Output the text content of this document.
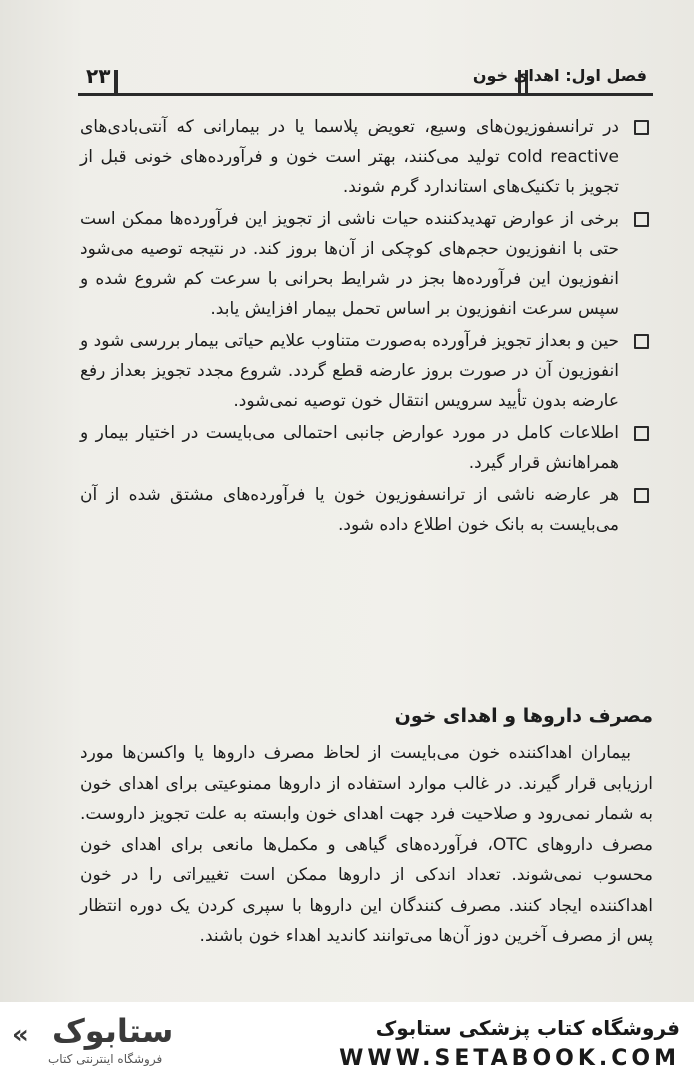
۲۳	فصل اول: اهدای خون
در ترانسفوزیون‌های وسیع، تعویض پلاسما یا در بیمارانی که آنتی‌بادی‌های cold reactive تولید می‌کنند، بهتر است خون و فرآورده‌های خونی قبل از تجویز با تکنیک‌های استاندارد گرم شوند.
برخی از عوارض تهدیدکننده حیات ناشی از تجویز این فرآورده‌ها ممکن است حتی با انفوزیون حجم‌های کوچکی از آن‌ها بروز کند. در نتیجه توصیه می‌شود انفوزیون این فرآورده‌ها بجز در شرایط بحرانی با سرعت کم شروع شده و سپس سرعت انفوزیون بر اساس تحمل بیمار افزایش یابد.
حین و بعداز تجویز فرآورده به‌صورت متناوب علایم حیاتی بیمار بررسی شود و انفوزیون آن در صورت بروز عارضه قطع گردد. شروع مجدد تجویز بعداز رفع عارضه بدون تأیید سرویس انتقال خون توصیه نمی‌شود.
اطلاعات کامل در مورد عوارض جانبی احتمالی می‌بایست در اختیار بیمار و همراهانش قرار گیرد.
هر عارضه ناشی از ترانسفوزیون خون یا فرآورده‌های مشتق شده از آن می‌بایست به بانک خون اطلاع داده شود.
مصرف داروها و اهدای خون

بیماران اهداکننده خون می‌بایست از لحاظ مصرف داروها یا واکسن‌ها مورد ارزیابی قرار گیرند. در غالب موارد استفاده از داروها ممنوعیتی برای اهدای خون به شمار نمی‌رود و صلاحیت فرد جهت اهدای خون وابسته به علت تجویز داروست. مصرف داروهای OTC، فرآورده‌های گیاهی و مکمل‌ها مانعی برای اهدای خون محسوب نمی‌شوند. تعداد اندکی از داروها ممکن است تغییراتی را در خون اهداکننده ایجاد کنند. مصرف کنندگان این داروها با سپری کردن یک دوره انتظار پس از مصرف آخرین دوز آن‌ها می‌توانند کاندید اهداء خون باشند.

« ستابوک
فروشگاه اینترنتی کتاب
فروشگاه کتاب پزشکی ستابوک
WWW.SETABOOK.COM
